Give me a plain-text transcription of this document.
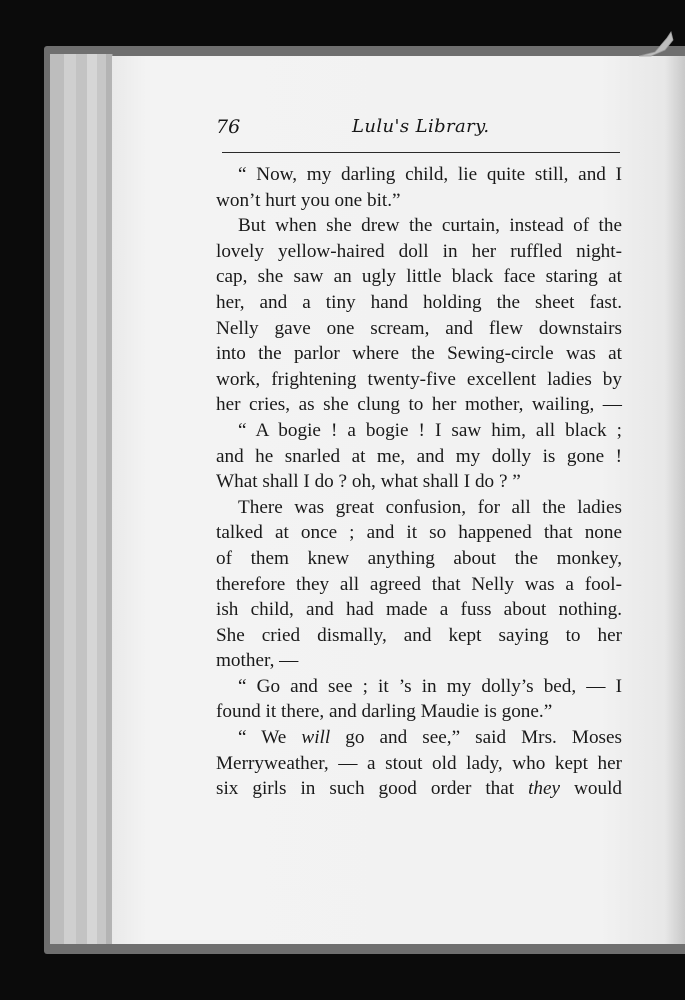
76	Lulu's Library.
“ Now, my darling child, lie quite still, and I
won’t hurt you one bit.”
But when she drew the curtain, instead of the
lovely yellow-haired doll in her ruffled night-
cap, she saw an ugly little black face staring at
her, and a tiny hand holding the sheet fast.
Nelly gave one scream, and flew downstairs
into the parlor where the Sewing-circle was at
work, frightening twenty-five excellent ladies by
her cries, as she clung to her mother, wailing, —
“ A bogie ! a bogie ! I saw him, all black ;
and he snarled at me, and my dolly is gone !
What shall I do ? oh, what shall I do ? ”
There was great confusion, for all the ladies
talked at once ; and it so happened that none
of them knew anything about the monkey,
therefore they all agreed that Nelly was a fool-
ish child, and had made a fuss about nothing.
She cried dismally, and kept saying to her
mother, —
“ Go and see ; it ’s in my dolly’s bed, — I
found it there, and darling Maudie is gone.”
“ We will go and see,” said Mrs. Moses
Merryweather, — a stout old lady, who kept her
six girls in such good order that they would
